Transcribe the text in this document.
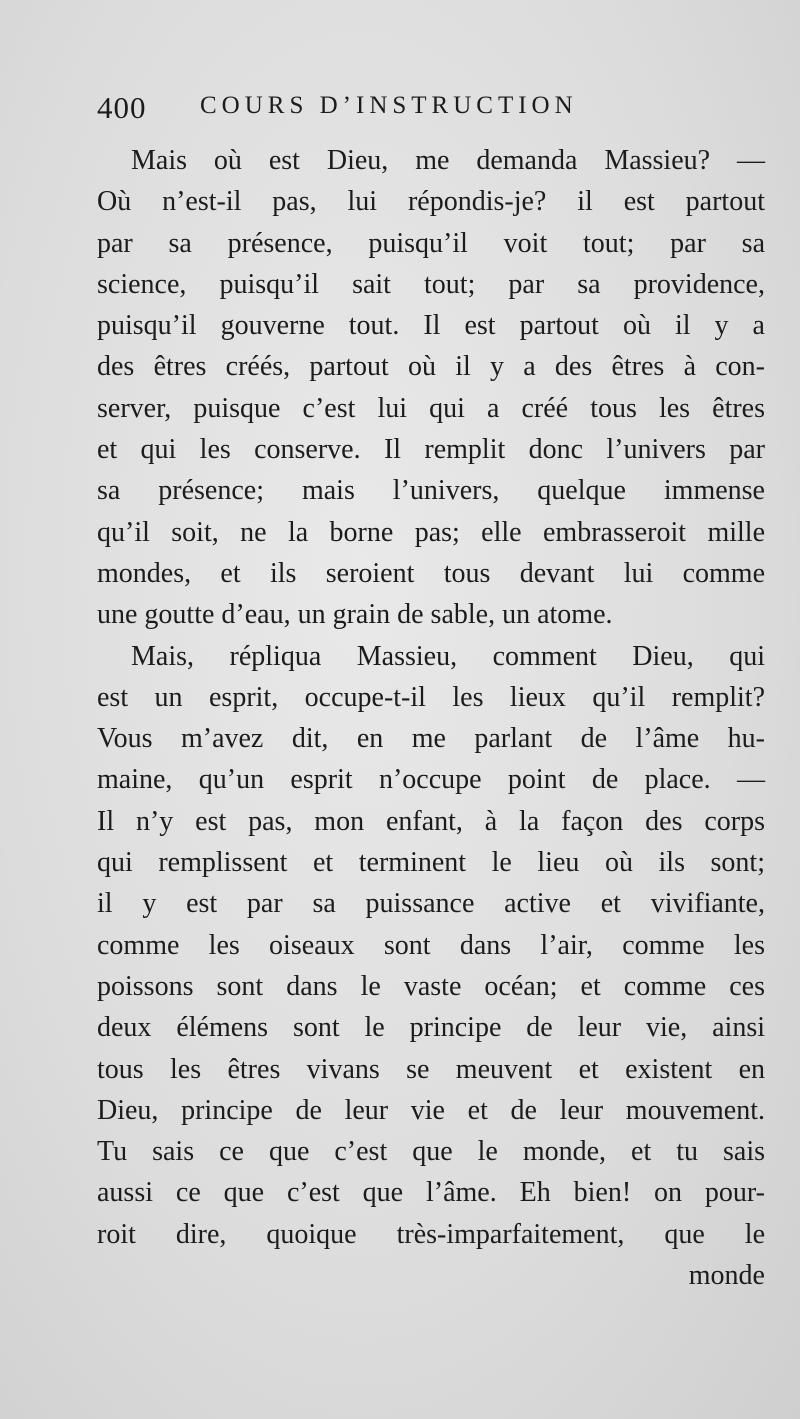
400 COURS D’INSTRUCTION
Mais où est Dieu, me demanda Massieu? —
Où n’est-il pas, lui répondis-je? il est partout
par sa présence, puisqu’il voit tout; par sa
science, puisqu’il sait tout; par sa providence,
puisqu’il gouverne tout. Il est partout où il y a
des êtres créés, partout où il y a des êtres à con-
server, puisque c’est lui qui a créé tous les êtres
et qui les conserve. Il remplit donc l’univers par
sa présence; mais l’univers, quelque immense
qu’il soit, ne la borne pas; elle embrasseroit mille
mondes, et ils seroient tous devant lui comme
une goutte d’eau, un grain de sable, un atome.
Mais, répliqua Massieu, comment Dieu, qui
est un esprit, occupe-t-il les lieux qu’il remplit?
Vous m’avez dit, en me parlant de l’âme hu-
maine, qu’un esprit n’occupe point de place. —
Il n’y est pas, mon enfant, à la façon des corps
qui remplissent et terminent le lieu où ils sont;
il y est par sa puissance active et vivifiante,
comme les oiseaux sont dans l’air, comme les
poissons sont dans le vaste océan; et comme ces
deux élémens sont le principe de leur vie, ainsi
tous les êtres vivans se meuvent et existent en
Dieu, principe de leur vie et de leur mouvement.
Tu sais ce que c’est que le monde, et tu sais
aussi ce que c’est que l’âme. Eh bien! on pour-
roit dire, quoique très-imparfaitement, que le
monde
